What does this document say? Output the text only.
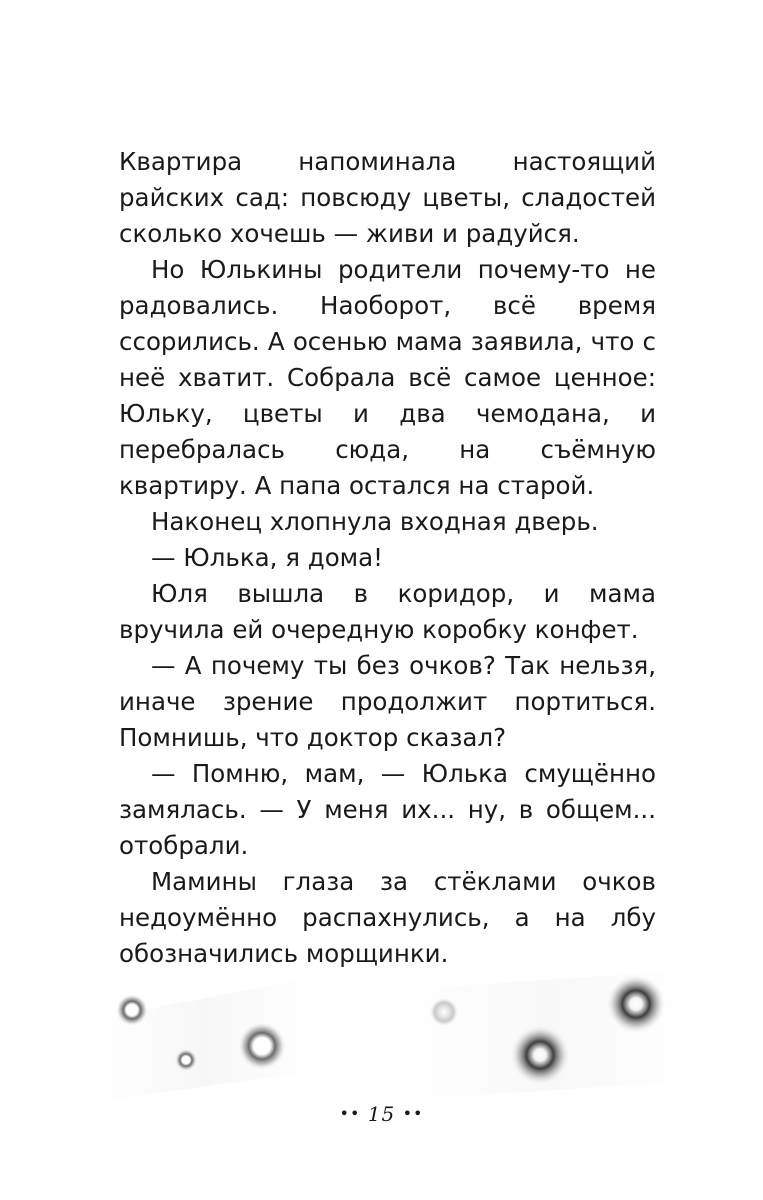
Квартира напоминала настоящий райских сад: повсюду цветы, сладостей сколько хочешь — живи и радуйся.

Но Юлькины родители почему-то не радовались. Наоборот, всё время ссорились. А осенью мама заявила, что с неё хватит. Собрала всё самое ценное: Юльку, цветы и два чемодана, и перебралась сюда, на съёмную квартиру. А папа остался на старой.

Наконец хлопнула входная дверь.

— Юлька, я дома!

Юля вышла в коридор, и мама вручила ей очередную коробку конфет.

— А почему ты без очков? Так нельзя, иначе зрение продолжит портиться. Помнишь, что доктор сказал?

— Помню, мам, — Юлька смущённо замялась. — У меня их... ну, в общем... отобрали.

Мамины глаза за стёклами очков недоумённо распахнулись, а на лбу обозначились морщинки.

•• 15 ••
